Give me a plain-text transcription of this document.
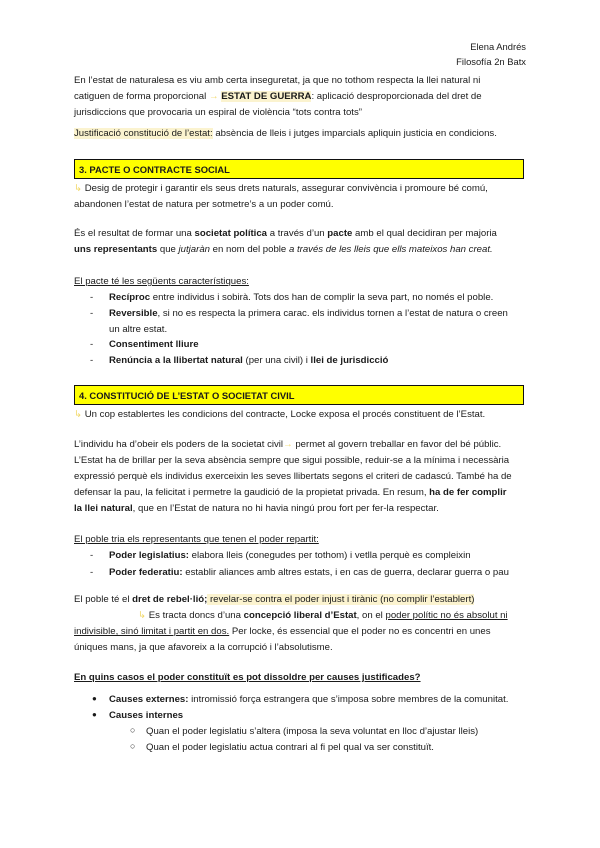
Elena Andrés
Filosofía 2n Batx
En l’estat de naturalesa es viu amb certa inseguretat, ja que no tothom respecta la llei natural ni
catiguen de forma proporcional → ESTAT DE GUERRA: aplicació desproporcionada del dret de
jurisdiccions que provocaria un espiral de violència “tots contra tots”
Justificació constitució de l’estat: absència de lleis i jutges imparcials apliquin justicia en condicions.
3. PACTE O CONTRACTE SOCIAL
↳ Desig de protegir i garantir els seus drets naturals, assegurar convivència i promoure bé comú,
abandonen l’estat de natura per sotmetre’s a un poder comú.
És el resultat de formar una societat política a través d’un pacte amb el qual decidiran per majoria
uns representants que jutjaràn en nom del poble a través de les lleis que ells mateixos han creat.
El pacte té les següents característiques:
-	Recíproc entre individus i sobirà. Tots dos han de complir la seva part, no només el poble.
-	Reversible, si no es respecta la primera carac. els individus tornen a l’estat de natura o creen
un altre estat.
-	Consentiment lliure
-	Renúncia a la llibertat natural (per una civil) i llei de jurisdicció
4. CONSTITUCIÓ DE L’ESTAT O SOCIETAT CIVIL
↳ Un cop establertes les condicions del contracte, Locke exposa el procés constituent de l’Estat.
L’individu ha d’obeir els poders de la societat civil→ permet al govern treballar en favor del bé públic.
L’Estat ha de brillar per la seva absència sempre que sigui possible, reduir-se a la mínima i necessària
expressió perquè els individus exerceixin les seves llibertats segons el criteri de cadascú. També ha de
defensar la pau, la felicitat i permetre la gaudició de la propietat privada. En resum, ha de fer complir
la llei natural, que en l’Estat de natura no hi havia ningú prou fort per fer-la respectar.
El poble tria els representants que tenen el poder repartit:
-	Poder legislatius: elabora lleis (conegudes per tothom) i vetlla perquè es compleixin
-	Poder federatiu: establir aliances amb altres estats, i en cas de guerra, declarar guerra o pau
El poble té el dret de rebel·lió; revelar-se contra el poder injust i tirànic (no complir l’establert)
↳ Es tracta doncs d’una concepció liberal d’Estat, on el poder polític no és absolut ni
indivisible, sinó limitat i partit en dos. Per locke, és essencial que el poder no es concentri en unes
úniques mans, ja que afavoreix a la corrupció i l’absolutisme.
En quins casos el poder constituït es pot dissoldre per causes justificades?
● Causes externes: intromissió força estrangera que s’imposa sobre membres de la comunitat.
● Causes internes
○ Quan el poder legislatiu s’altera (imposa la seva voluntat en lloc d’ajustar lleis)
○ Quan el poder legislatiu actua contrari al fi pel qual va ser constituït.
